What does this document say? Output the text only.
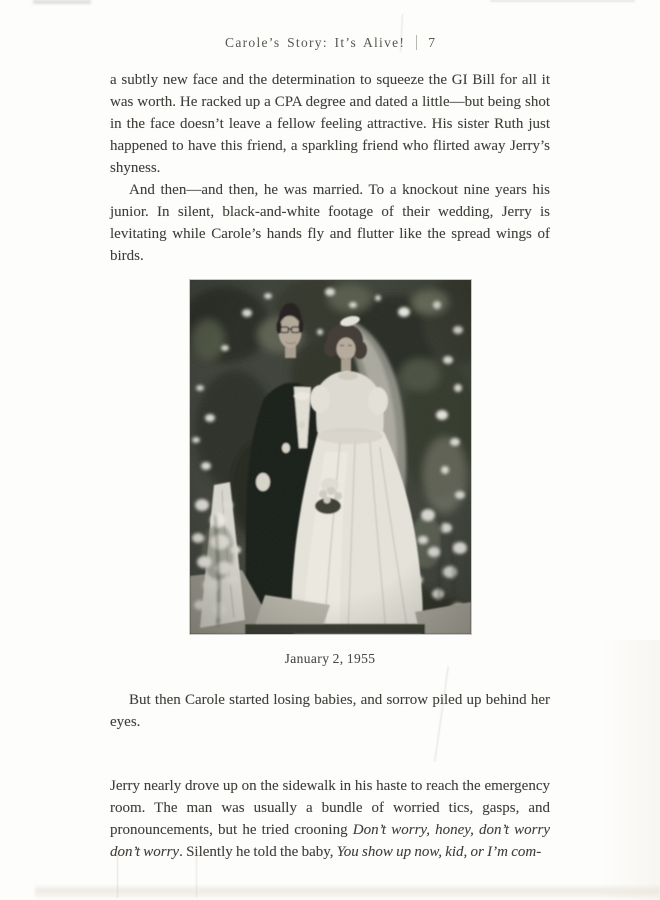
Carole’s Story: It’s Alive! 7

a subtly new face and the determination to squeeze the GI Bill for all it was worth. He racked up a CPA degree and dated a little—but being shot in the face doesn’t leave a fellow feeling attractive. His sister Ruth just happened to have this friend, a sparkling friend who flirted away Jerry’s shyness.

And then—and then, he was married. To a knockout nine years his junior. In silent, black-and-white footage of their wedding, Jerry is levitating while Carole’s hands fly and flutter like the spread wings of birds.

January 2, 1955

But then Carole started losing babies, and sorrow piled up behind her eyes.

Jerry nearly drove up on the sidewalk in his haste to reach the emergency room. The man was usually a bundle of worried tics, gasps, and pronouncements, but he tried crooning Don’t worry, honey, don’t worry don’t worry. Silently he told the baby, You show up now, kid, or I’m com-
